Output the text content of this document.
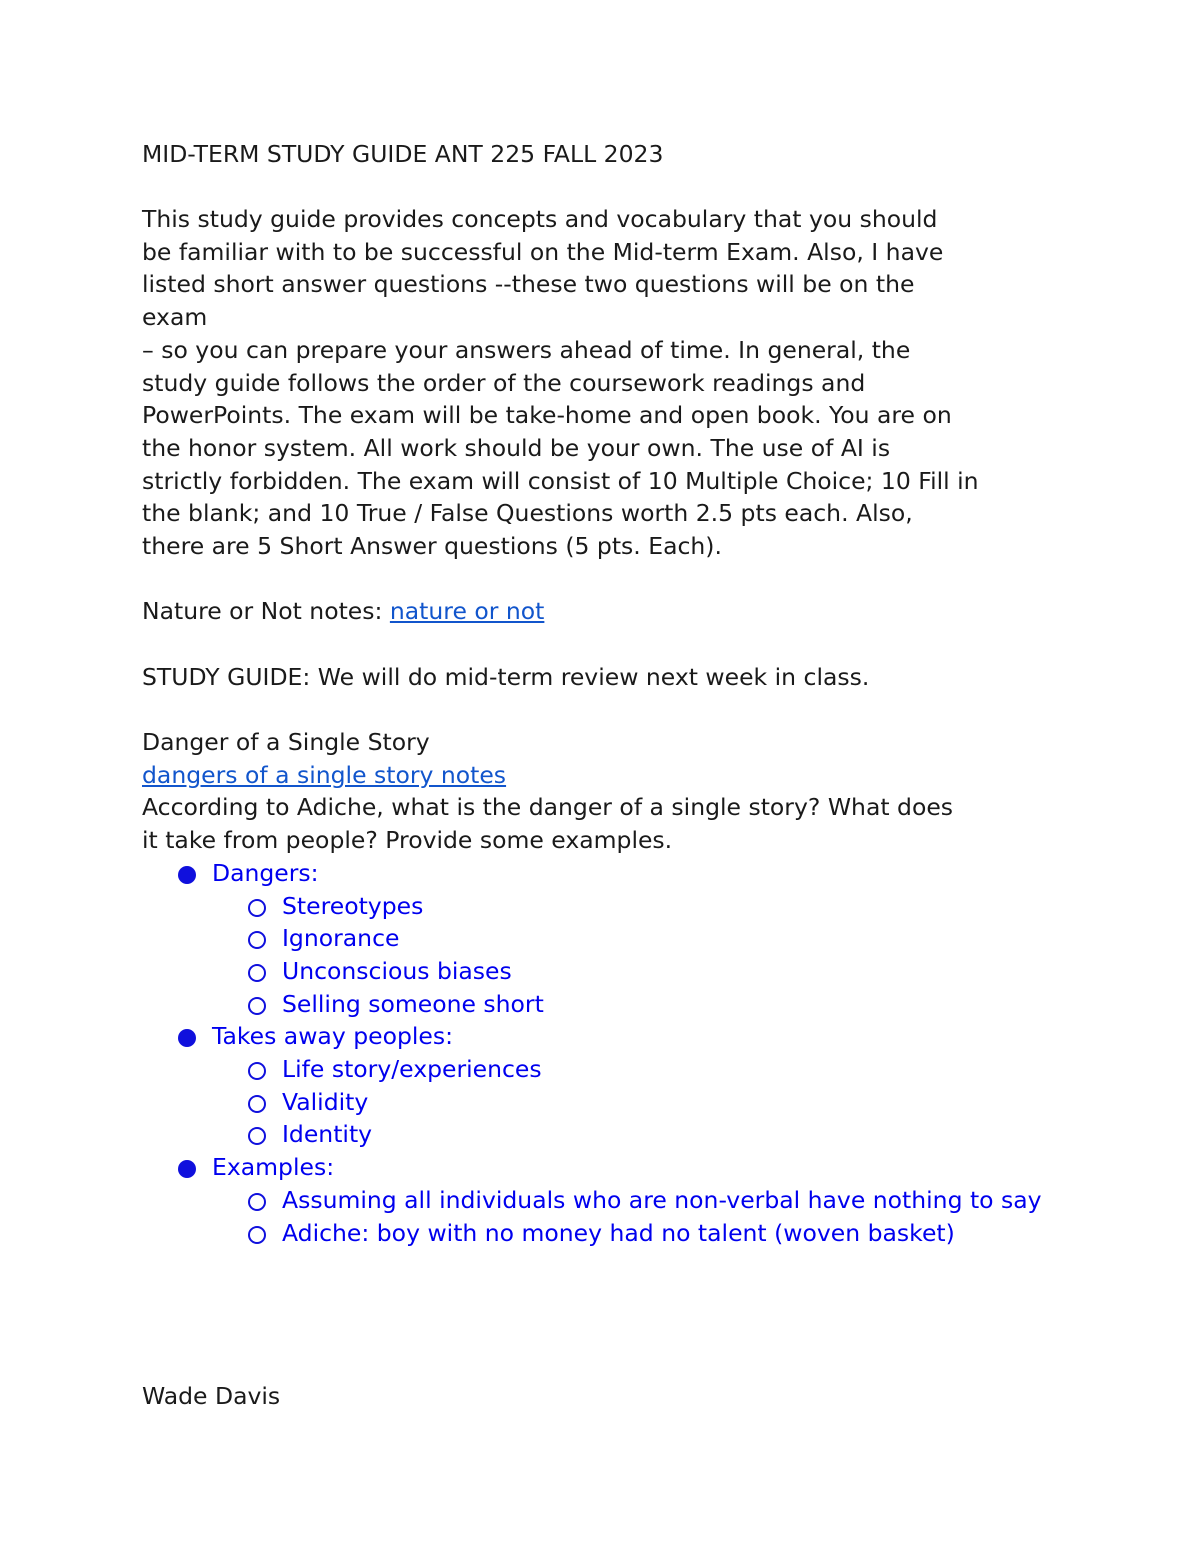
MID-TERM STUDY GUIDE ANT 225 FALL 2023

This study guide provides concepts and vocabulary that you should
be familiar with to be successful on the Mid-term Exam. Also, I have
listed short answer questions --these two questions will be on the
exam
– so you can prepare your answers ahead of time. In general, the
study guide follows the order of the coursework readings and
PowerPoints. The exam will be take-home and open book. You are on
the honor system. All work should be your own. The use of AI is
strictly forbidden. The exam will consist of 10 Multiple Choice; 10 Fill in
the blank; and 10 True / False Questions worth 2.5 pts each. Also,
there are 5 Short Answer questions (5 pts. Each).

Nature or Not notes: nature or not

STUDY GUIDE: We will do mid-term review next week in class.

Danger of a Single Story
dangers of a single story notes
According to Adiche, what is the danger of a single story? What does
it take from people? Provide some examples.
Dangers:
Stereotypes
Ignorance
Unconscious biases
Selling someone short
Takes away peoples:
Life story/experiences
Validity
Identity
Examples:
Assuming all individuals who are non-verbal have nothing to say
Adiche: boy with no money had no talent (woven basket)

Wade Davis
